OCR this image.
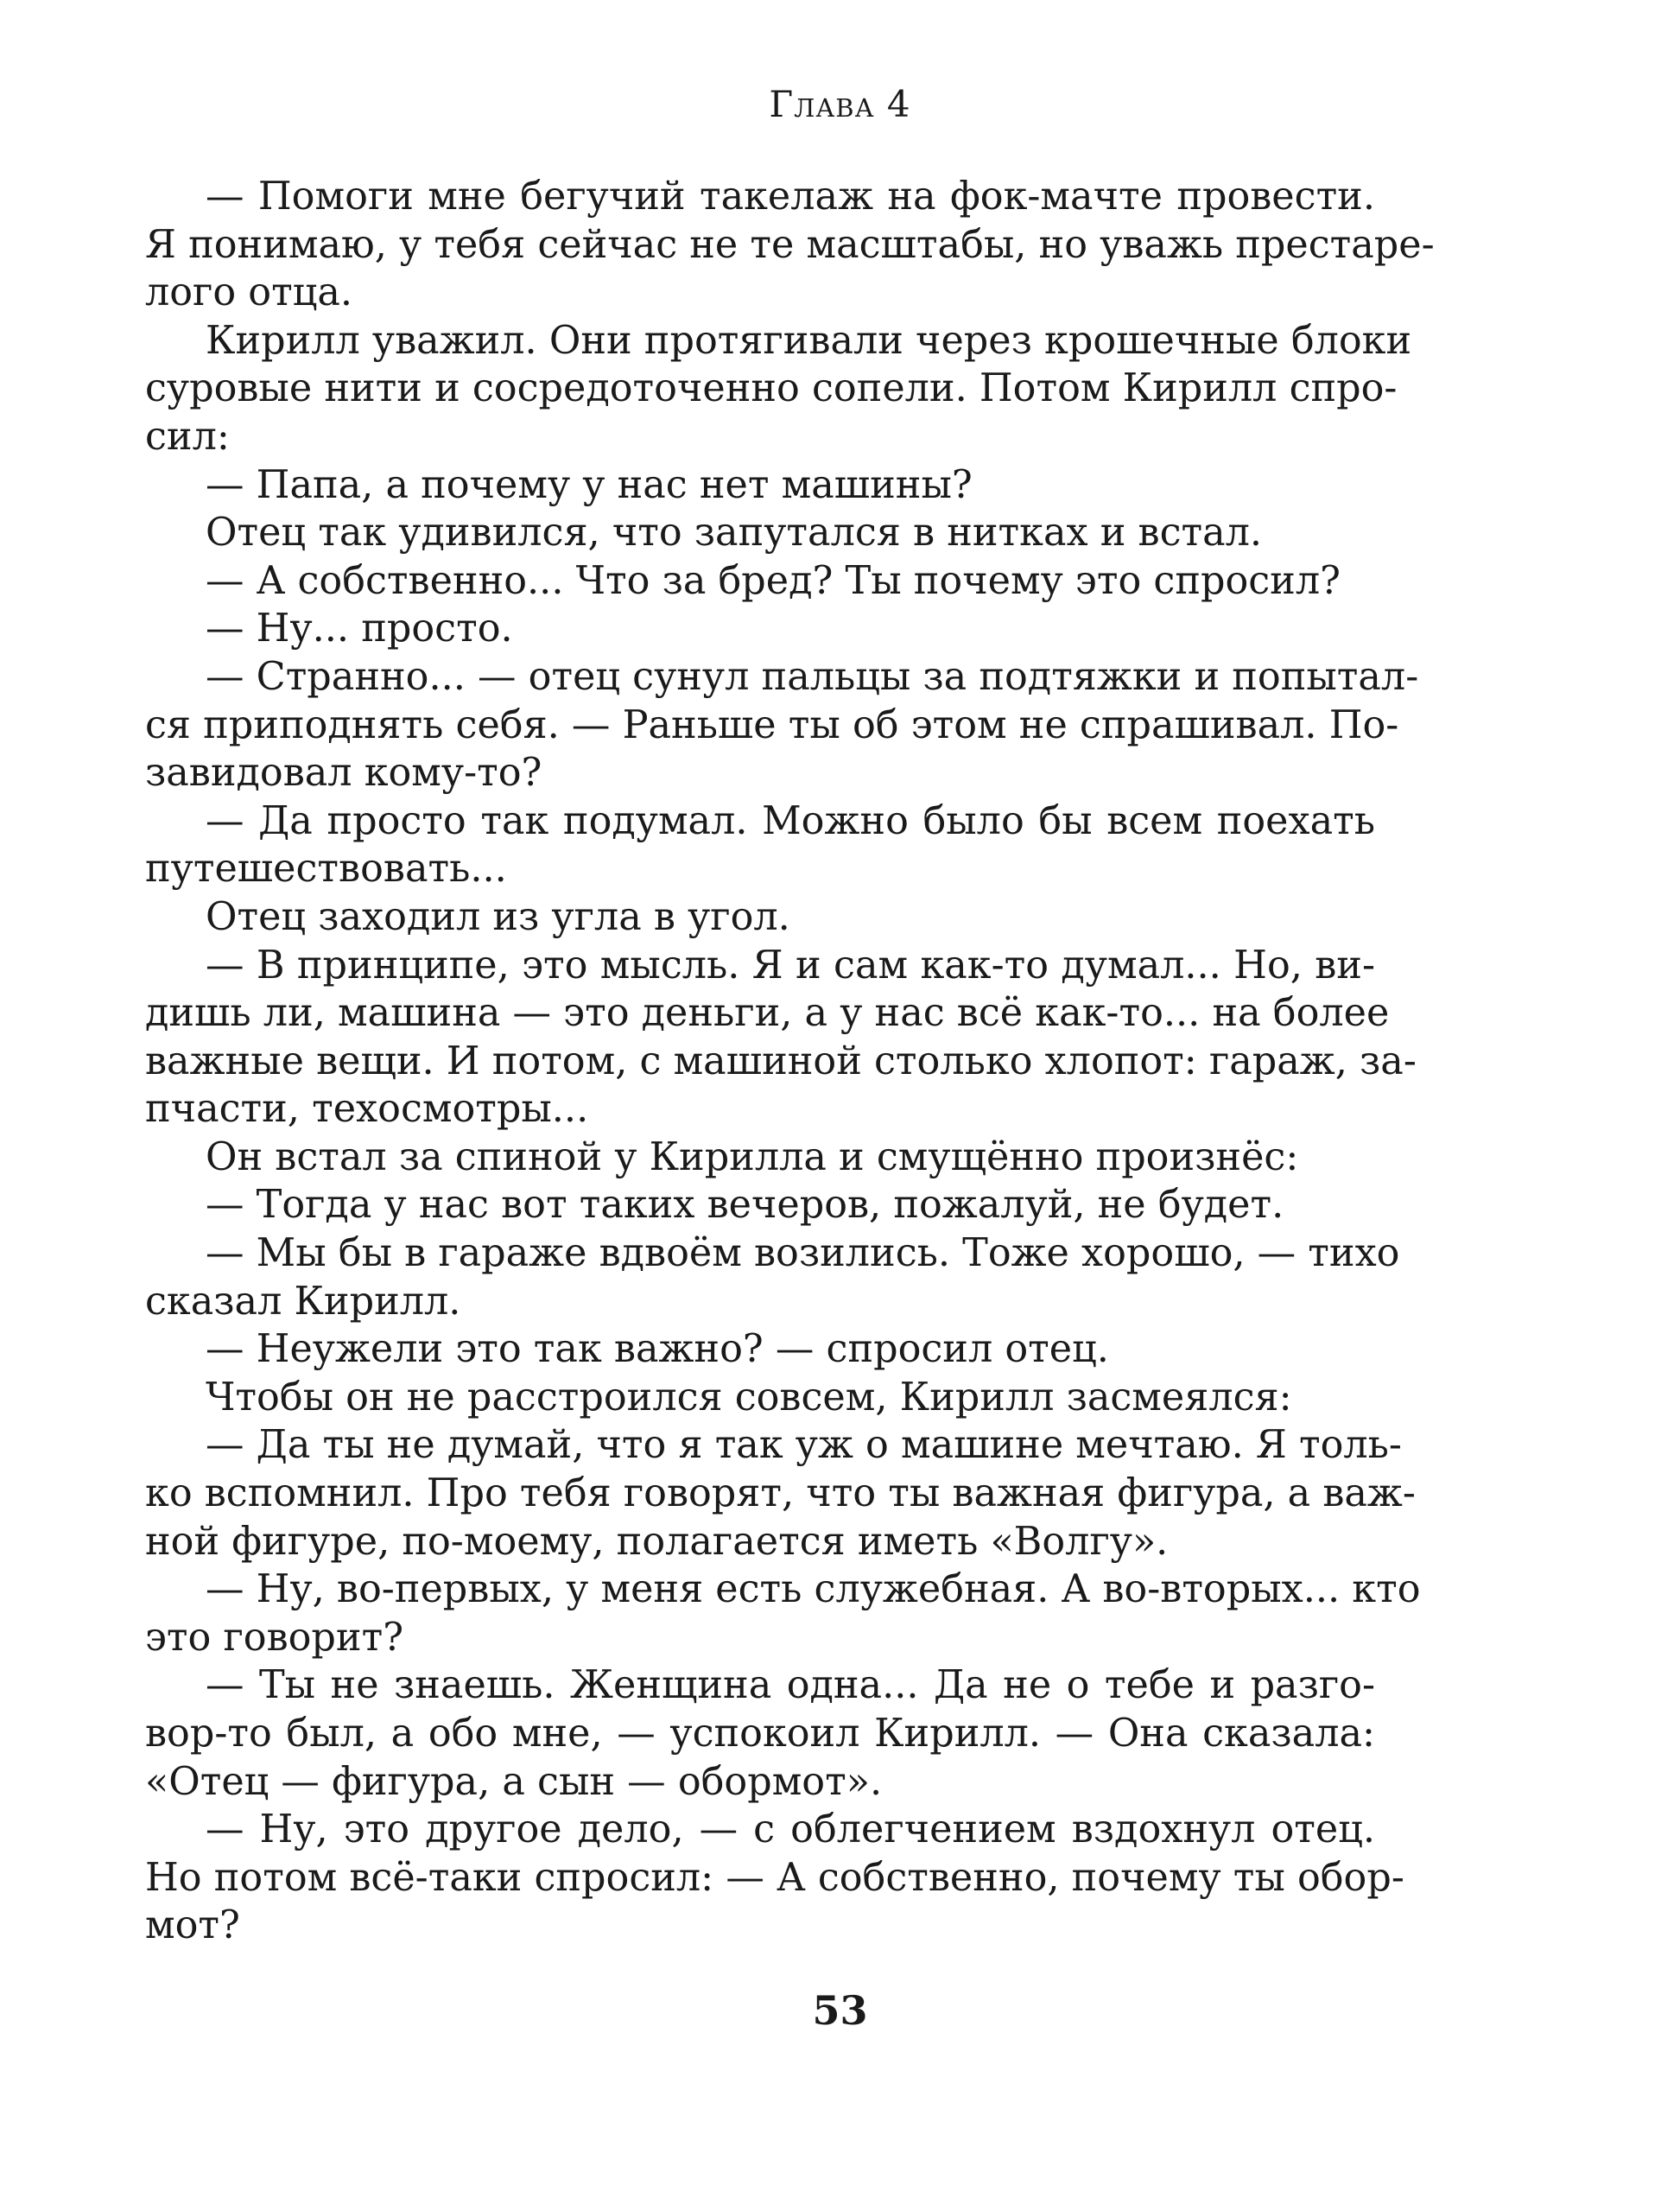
Глава 4
— Помоги мне бегучий такелаж на фок-мачте провести.
Я понимаю, у тебя сейчас не те масштабы, но уважь престаре-
лого отца.
Кирилл уважил. Они протягивали через крошечные блоки
суровые нити и сосредоточенно сопели. Потом Кирилл спро-
сил:
— Папа, а почему у нас нет машины?
Отец так удивился, что запутался в нитках и встал.
— А собственно... Что за бред? Ты почему это спросил?
— Ну... просто.
— Странно... — отец сунул пальцы за подтяжки и попытал-
ся приподнять себя. — Раньше ты об этом не спрашивал. По-
завидовал кому-то?
— Да просто так подумал. Можно было бы всем поехать
путешествовать...
Отец заходил из угла в угол.
— В принципе, это мысль. Я и сам как-то думал... Но, ви-
дишь ли, машина — это деньги, а у нас всё как-то... на более
важные вещи. И потом, с машиной столько хлопот: гараж, за-
пчасти, техосмотры...
Он встал за спиной у Кирилла и смущённо произнёс:
— Тогда у нас вот таких вечеров, пожалуй, не будет.
— Мы бы в гараже вдвоём возились. Тоже хорошо, — тихо
сказал Кирилл.
— Неужели это так важно? — спросил отец.
Чтобы он не расстроился совсем, Кирилл засмеялся:
— Да ты не думай, что я так уж о машине мечтаю. Я толь-
ко вспомнил. Про тебя говорят, что ты важная фигура, а важ-
ной фигуре, по-моему, полагается иметь «Волгу».
— Ну, во-первых, у меня есть служебная. А во-вторых... кто
это говорит?
— Ты не знаешь. Женщина одна... Да не о тебе и разго-
вор-то был, а обо мне, — успокоил Кирилл. — Она сказала:
«Отец — фигура, а сын — обормот».
— Ну, это другое дело, — с облегчением вздохнул отец.
Но потом всё-таки спросил: — А собственно, почему ты обор-
мот?
53
